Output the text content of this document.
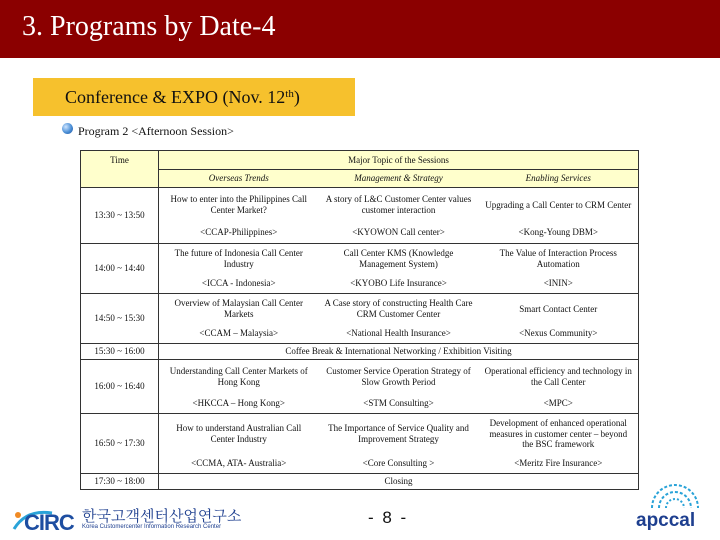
3. Programs by Date-4
Conference & EXPO (Nov. 12th)
Program 2 <Afternoon Session>
Time	Major Topic of the Sessions		
	Overseas Trends	Management & Strategy	Enabling Services
13:30 ~ 13:50	How to enter into the Philippines Call Center Market?	A story of L&C Customer Center values customer interaction	Upgrading a Call Center to CRM Center
	<CCAP-Philippines>	<KYOWON Call center>	<Kong-Young DBM>
14:00 ~ 14:40	The future of Indonesia Call Center Industry	Call Center KMS (Knowledge Management System)	The Value of Interaction Process Automation
	<ICCA - Indonesia>	<KYOBO Life Insurance>	<ININ>
14:50 ~ 15:30	Overview of Malaysian Call Center Markets	A Case story of constructing Health Care CRM Customer Center	Smart Contact Center
	<CCAM – Malaysia>	<National Health Insurance>	<Nexus Community>
15:30 ~ 16:00	Coffee Break & International Networking / Exhibition Visiting		
16:00 ~ 16:40	Understanding Call Center Markets of Hong Kong	Customer Service Operation Strategy of Slow Growth Period	Operational efficiency and technology in the Call Center
	<HKCCA – Hong Kong>	<STM Consulting>	<MPC>
16:50 ~ 17:30	How to understand Australian Call Center Industry	The Importance of Service Quality and Improvement Strategy	Development of enhanced operational measures in customer center – beyond the BSC framework
	<CCMA, ATA- Australia>	<Core Consulting >	<Meritz Fire Insurance>
17:30 ~ 18:00	Closing		
CIRC 한국고객센터산업연구소
Korea Customercenter Information Research Center	- 8 -	apccal
